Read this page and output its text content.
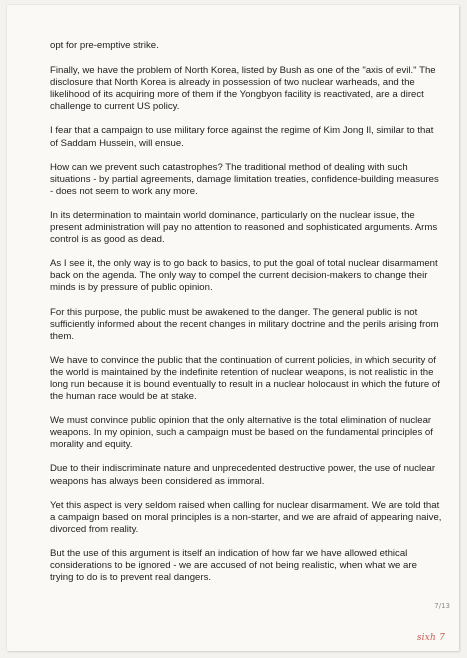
opt for pre-emptive strike.

Finally, we have the problem of North Korea, listed by Bush as one of the "axis of evil." The disclosure that North Korea is already in possession of two nuclear warheads, and the likelihood of its acquiring more of them if the Yongbyon facility is reactivated, are a direct challenge to current US policy.

I fear that a campaign to use military force against the regime of Kim Jong Il, similar to that of Saddam Hussein, will ensue.

How can we prevent such catastrophes? The traditional method of dealing with such situations - by partial agreements, damage limitation treaties, confidence-building measures - does not seem to work any more.

In its determination to maintain world dominance, particularly on the nuclear issue, the present administration will pay no attention to reasoned and sophisticated arguments. Arms control is as good as dead.

As I see it, the only way is to go back to basics, to put the goal of total nuclear disarmament back on the agenda. The only way to compel the current decision-makers to change their minds is by pressure of public opinion.

For this purpose, the public must be awakened to the danger. The general public is not sufficiently informed about the recent changes in military doctrine and the perils arising from them.

We have to convince the public that the continuation of current policies, in which security of the world is maintained by the indefinite retention of nuclear weapons, is not realistic in the long run because it is bound eventually to result in a nuclear holocaust in which the future of the human race would be at stake.

We must convince public opinion that the only alternative is the total elimination of nuclear weapons. In my opinion, such a campaign must be based on the fundamental principles of morality and equity.

Due to their indiscriminate nature and unprecedented destructive power, the use of nuclear weapons has always been considered as immoral.

Yet this aspect is very seldom raised when calling for nuclear disarmament. We are told that a campaign based on moral principles is a non-starter, and we are afraid of appearing naive, divorced from reality.

But the use of this argument is itself an indication of how far we have allowed ethical considerations to be ignored - we are accused of not being realistic, when what we are trying to do is to prevent real dangers.

7/13
sixh 7
